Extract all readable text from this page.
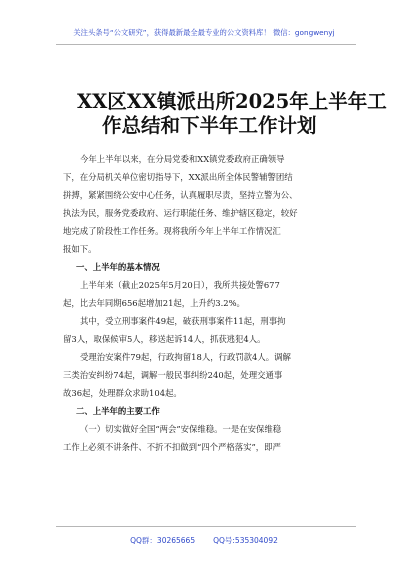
关注头条号“公文研究”，获得最新最全最专业的公文资料库！ 微信：gongwenyj
XX区XX镇派出所2025年上半年工
作总结和下半年工作计划
今年上半年以来，在分局党委和XX镇党委政府正确领导
下，在分局机关单位密切指导下，XX派出所全体民警辅警团结
拼搏，紧紧围绕公安中心任务，认真履职尽责，坚持立警为公、
执法为民，服务党委政府、运行职能任务、维护辖区稳定，较好
地完成了阶段性工作任务。现将我所今年上半年工作情况汇
报如下。
一、上半年的基本情况
上半年来（截止2025年5月20日），我所共接处警677
起，比去年同期656起增加21起，上升约3.2%。
其中，受立刑事案件49起，破获刑事案件11起，刑事拘
留3人，取保候审5人，移送起诉14人，抓获逃犯4人。
受理治安案件79起，行政拘留18人，行政罚款4人。调解
三类治安纠纷74起，调解一般民事纠纷240起，处理交通事
故36起，处理群众求助104起。
二、上半年的主要工作
（一）切实做好全国“两会”安保维稳。一是在安保维稳
工作上必须不讲条件、不折不扣做到“四个严格落实”，即严
QQ群：30265665 QQ号:535304092
